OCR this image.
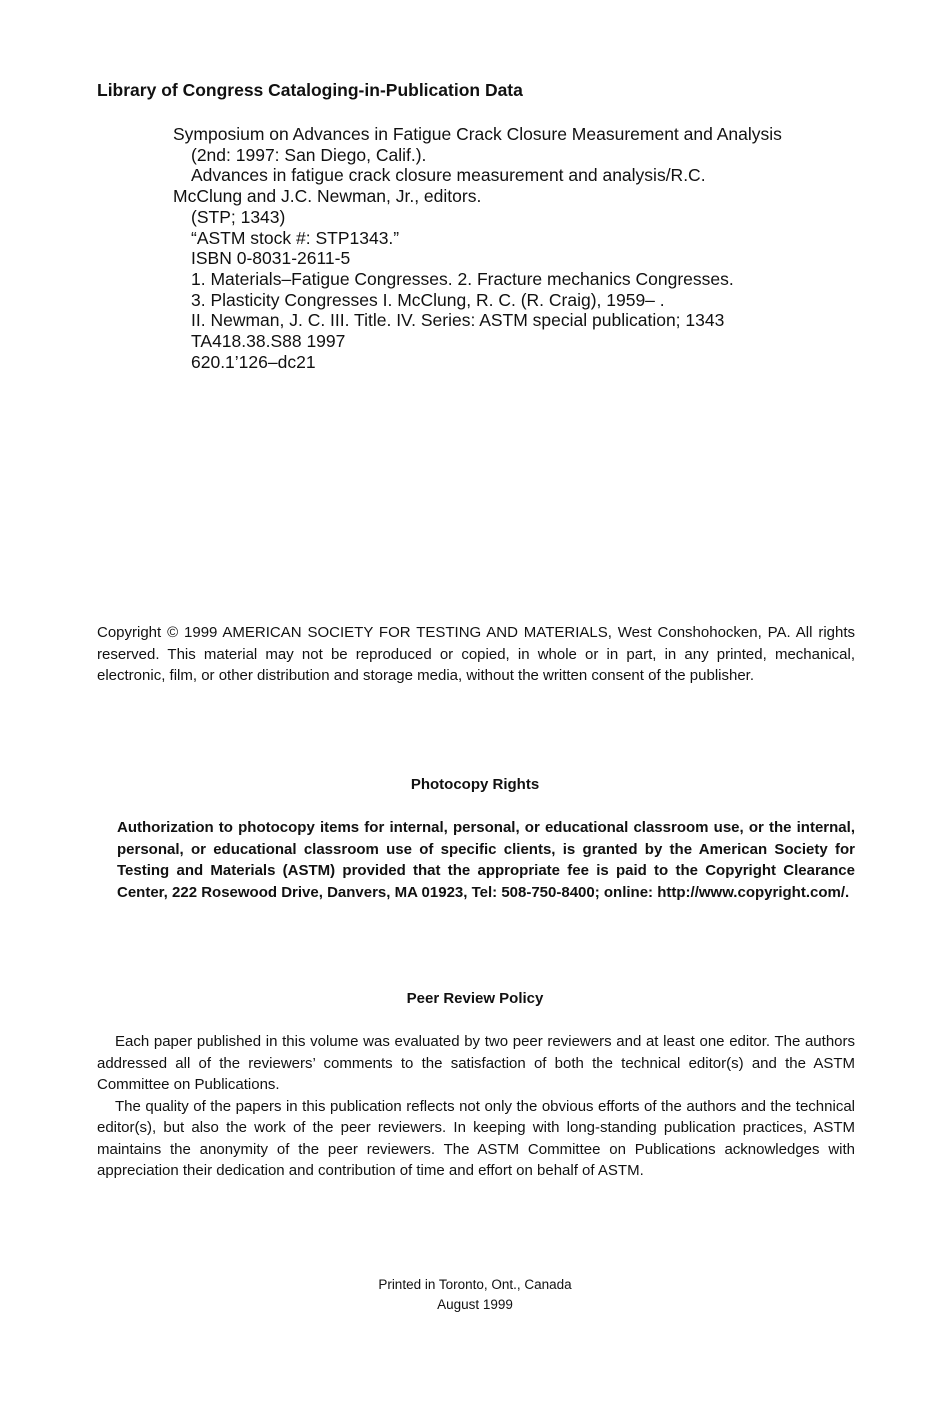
Library of Congress Cataloging-in-Publication Data
Symposium on Advances in Fatigue Crack Closure Measurement and Analysis
(2nd: 1997: San Diego, Calif.).
Advances in fatigue crack closure measurement and analysis/R.C.
McClung and J.C. Newman, Jr., editors.
(STP; 1343)
“ASTM stock #: STP1343.”
ISBN 0-8031-2611-5
1. Materials–Fatigue Congresses. 2. Fracture mechanics Congresses.
3. Plasticity Congresses I. McClung, R. C. (R. Craig), 1959– .
II. Newman, J. C. III. Title. IV. Series: ASTM special publication; 1343
TA418.38.S88 1997
620.1’126–dc21
Copyright © 1999 AMERICAN SOCIETY FOR TESTING AND MATERIALS, West Conshohocken, PA. All rights reserved. This material may not be reproduced or copied, in whole or in part, in any printed, mechanical, electronic, film, or other distribution and storage media, without the written consent of the publisher.
Photocopy Rights
Authorization to photocopy items for internal, personal, or educational classroom use, or the internal, personal, or educational classroom use of specific clients, is granted by the American Society for Testing and Materials (ASTM) provided that the appropriate fee is paid to the Copyright Clearance Center, 222 Rosewood Drive, Danvers, MA 01923, Tel: 508-750-8400; online: http://www.copyright.com/.
Peer Review Policy

Each paper published in this volume was evaluated by two peer reviewers and at least one editor. The authors addressed all of the reviewers’ comments to the satisfaction of both the technical editor(s) and the ASTM Committee on Publications.

The quality of the papers in this publication reflects not only the obvious efforts of the authors and the technical editor(s), but also the work of the peer reviewers. In keeping with long-standing publication practices, ASTM maintains the anonymity of the peer reviewers. The ASTM Committee on Publications acknowledges with appreciation their dedication and contribution of time and effort on behalf of ASTM.

Printed in Toronto, Ont., Canada
August 1999
